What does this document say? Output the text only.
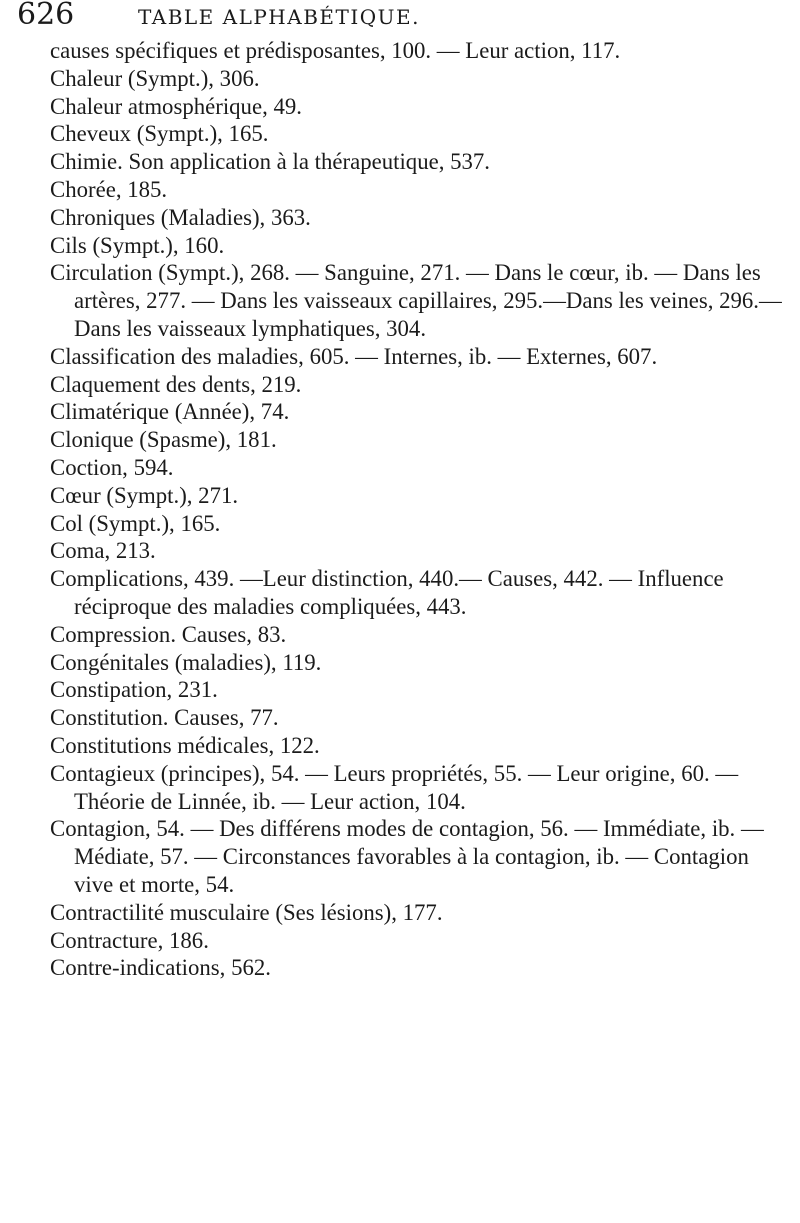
626	TABLE ALPHABÉTIQUE.
causes spécifiques et prédisposantes, 100. — Leur action, 117.
Chaleur (Sympt.), 306.
Chaleur atmosphérique, 49.
Cheveux (Sympt.), 165.
Chimie. Son application à la thérapeutique, 537.
Chorée, 185.
Chroniques (Maladies), 363.
Cils (Sympt.), 160.
Circulation (Sympt.), 268. — Sanguine, 271. — Dans le cœur, ib. — Dans les artères, 277. — Dans les vaisseaux capillaires, 295.—Dans les veines, 296.—Dans les vaisseaux lymphatiques, 304.
Classification des maladies, 605. — Internes, ib. — Externes, 607.
Claquement des dents, 219.
Climatérique (Année), 74.
Clonique (Spasme), 181.
Coction, 594.
Cœur (Sympt.), 271.
Col (Sympt.), 165.
Coma, 213.
Complications, 439. —Leur distinction, 440.— Causes, 442. — Influence réciproque des maladies compliquées, 443.
Compression. Causes, 83.
Congénitales (maladies), 119.
Constipation, 231.
Constitution. Causes, 77.
Constitutions médicales, 122.
Contagieux (principes), 54. — Leurs propriétés, 55. — Leur origine, 60. — Théorie de Linnée, ib. — Leur action, 104.
Contagion, 54. — Des différens modes de contagion, 56. — Immédiate, ib. — Médiate, 57. — Circonstances favorables à la contagion, ib. — Contagion vive et morte, 54.
Contractilité musculaire (Ses lésions), 177.
Contracture, 186.
Contre-indications, 562.
